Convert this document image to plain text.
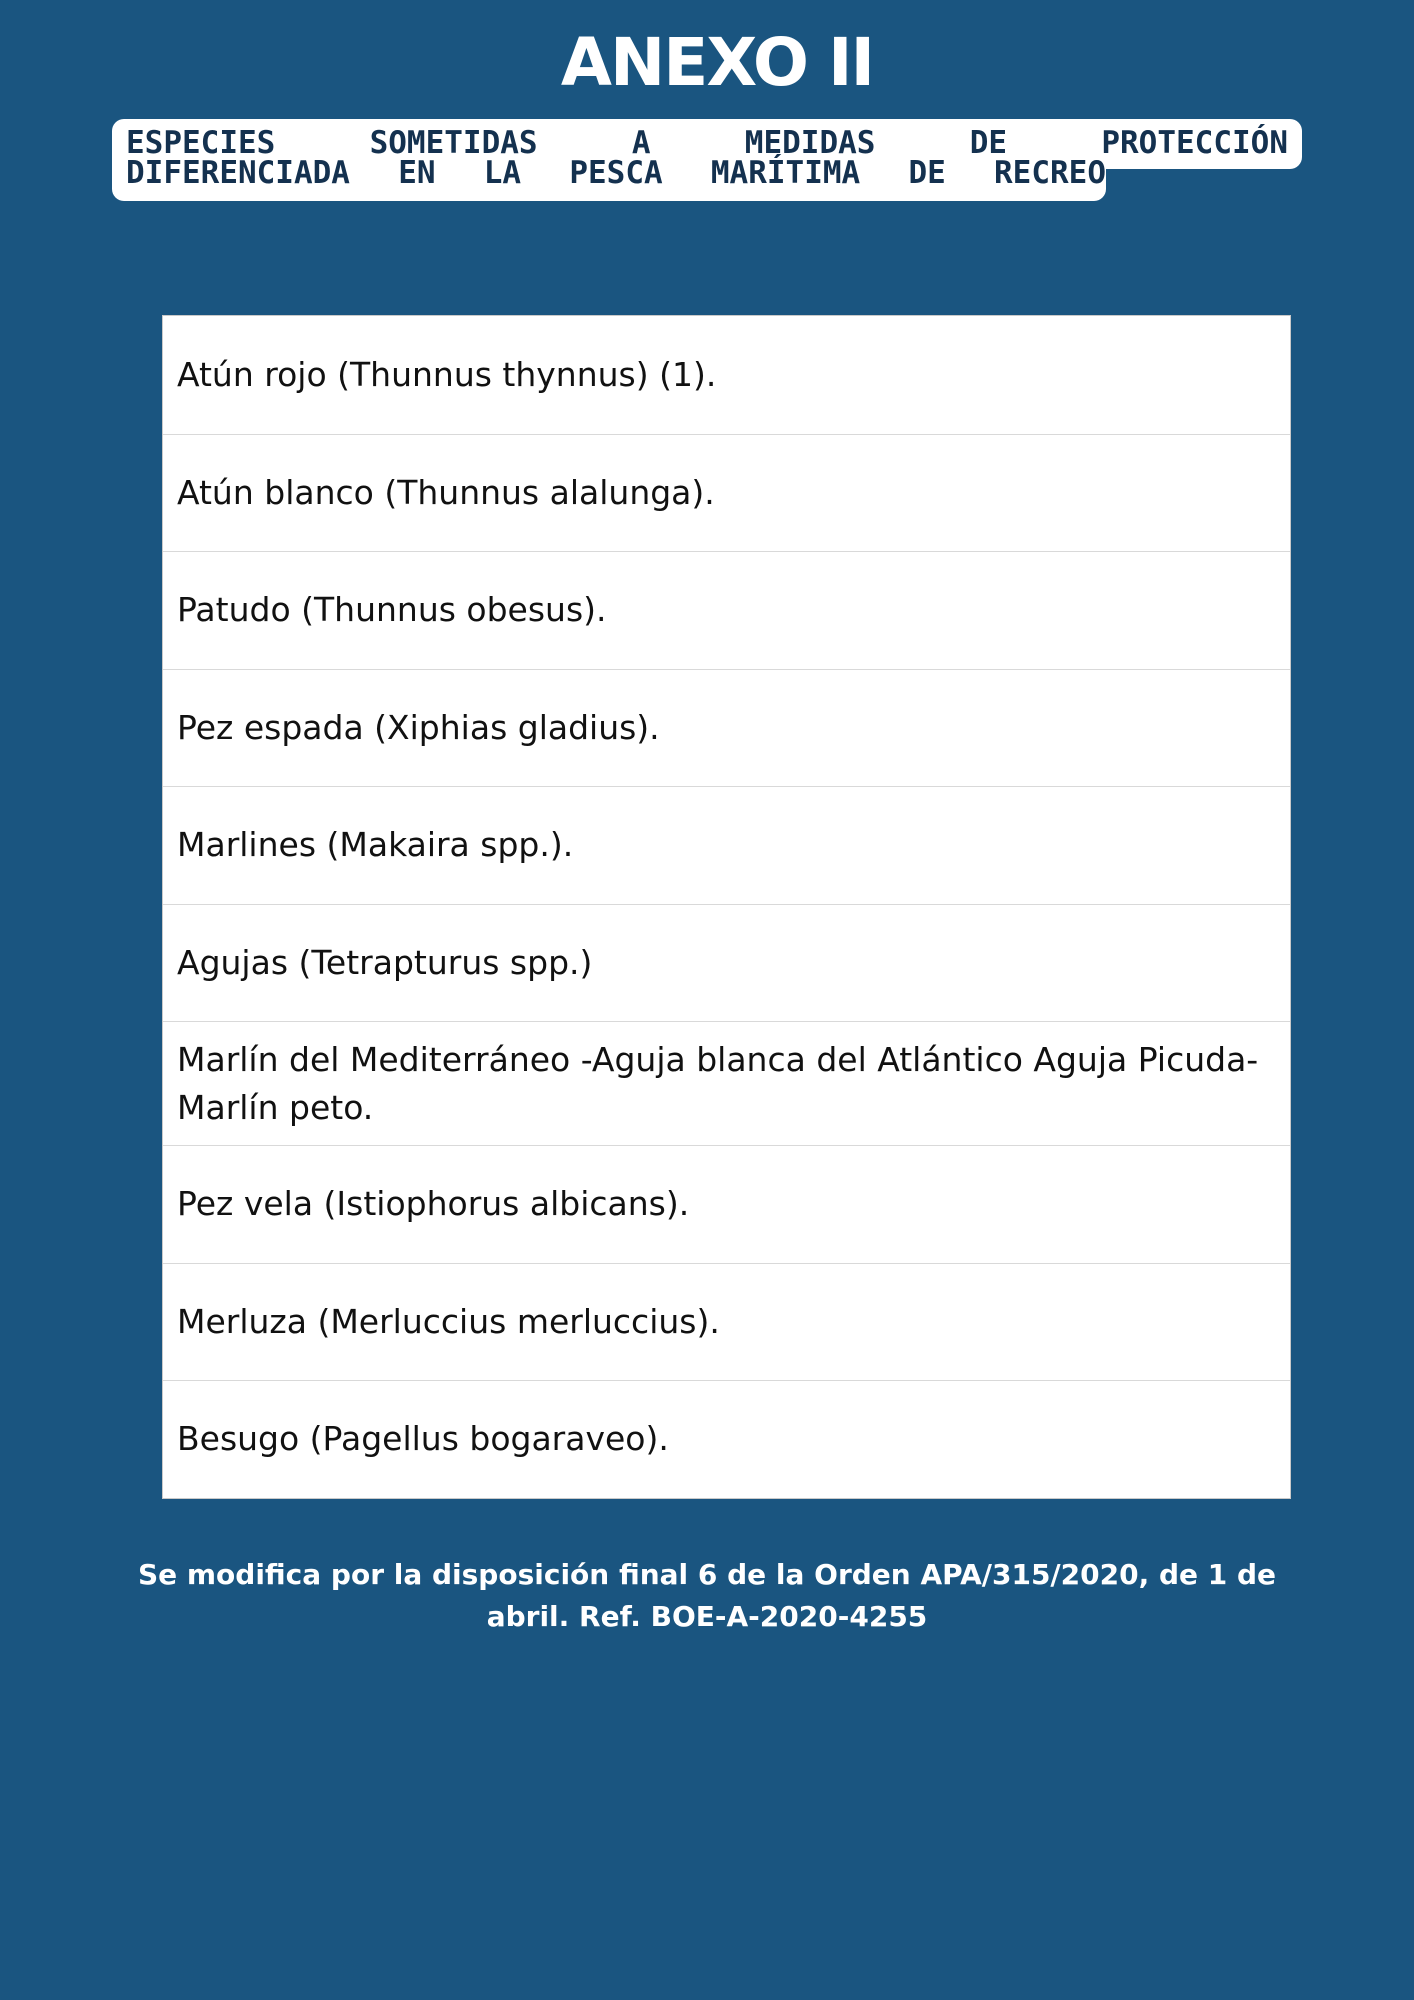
ANEXO II
ESPECIES SOMETIDAS A MEDIDAS DE PROTECCIÓN
DIFERENCIADA EN LA PESCA MARÍTIMA DE RECREO
Atún rojo (Thunnus thynnus) (1).
Atún blanco (Thunnus alalunga).
Patudo (Thunnus obesus).
Pez espada (Xiphias gladius).
Marlines (Makaira spp.).
Agujas (Tetrapturus spp.)
Marlín del Mediterráneo -Aguja blanca del Atlántico Aguja Picuda-Marlín peto.
Pez vela (Istiophorus albicans).
Merluza (Merluccius merluccius).
Besugo (Pagellus bogaraveo).
Se modifica por la disposición final 6 de la Orden APA/315/2020, de 1 de abril. Ref. BOE-A-2020-4255
